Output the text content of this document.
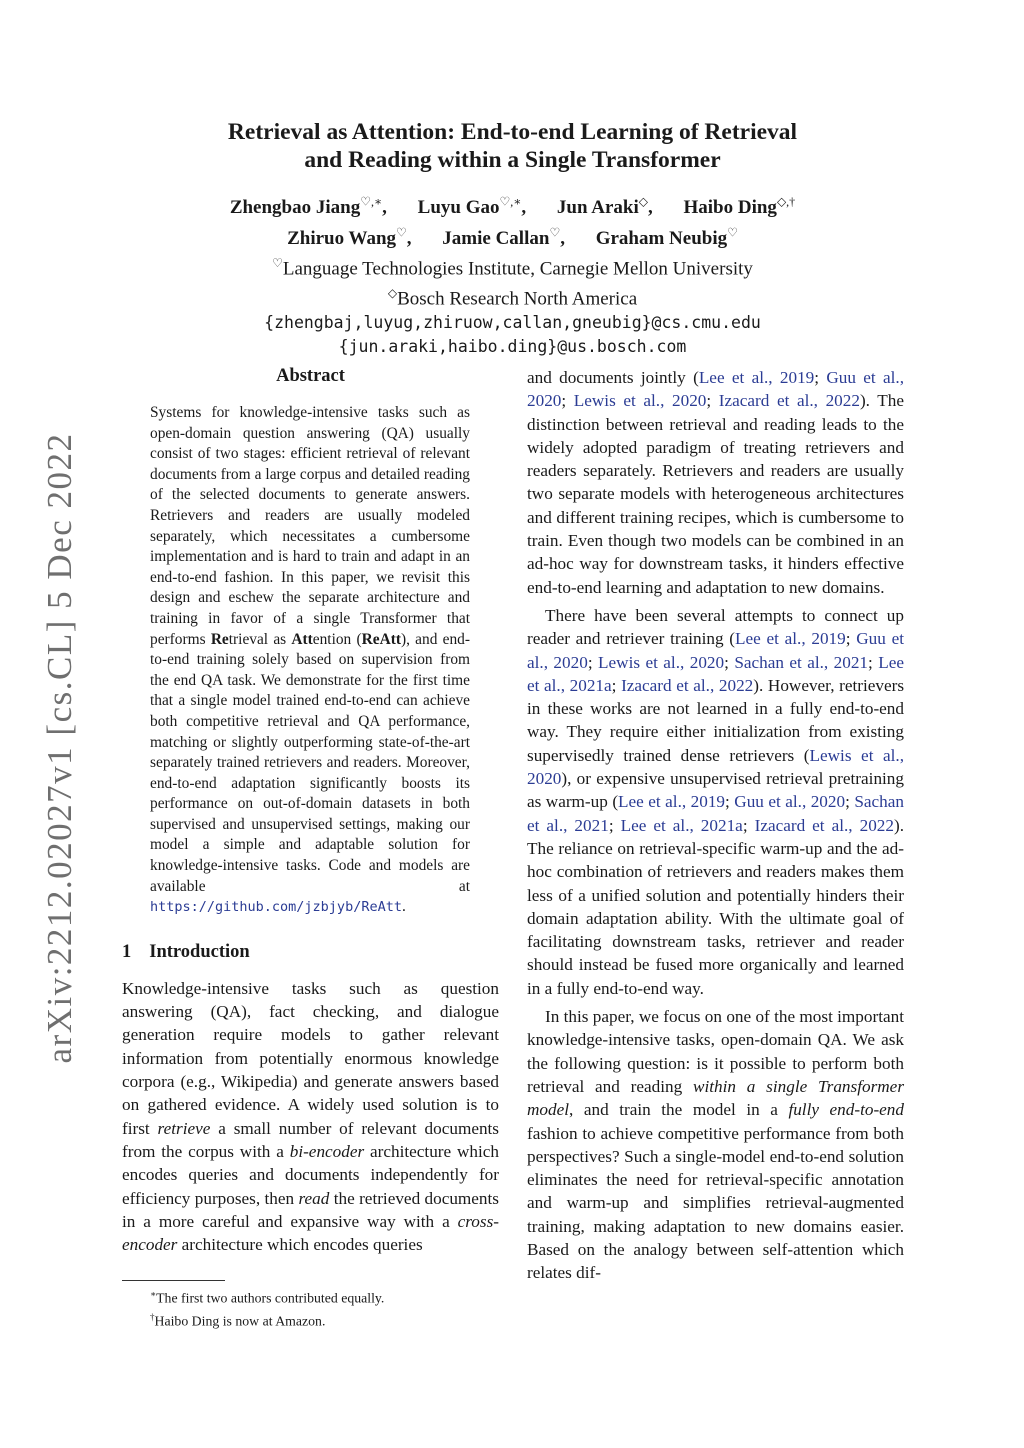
arXiv:2212.02027v1 [cs.CL] 5 Dec 2022
Retrieval as Attention: End-to-end Learning of Retrieval
and Reading within a Single Transformer
Zhengbao Jiang♡,∗, Luyu Gao♡,∗, Jun Araki◇, Haibo Ding◇,†
Zhiruo Wang♡, Jamie Callan♡, Graham Neubig♡
♡Language Technologies Institute, Carnegie Mellon University
◇Bosch Research North America
{zhengbaj,luyug,zhiruow,callan,gneubig}@cs.cmu.edu
{jun.araki,haibo.ding}@us.bosch.com
Abstract

Systems for knowledge-intensive tasks such as open-domain question answering (QA) usually consist of two stages: efficient retrieval of relevant documents from a large corpus and detailed reading of the selected documents to generate answers. Retrievers and readers are usually modeled separately, which necessitates a cumbersome implementation and is hard to train and adapt in an end-to-end fashion. In this paper, we revisit this design and eschew the separate architecture and training in favor of a single Transformer that performs Retrieval as Attention (ReAtt), and end-to-end training solely based on supervision from the end QA task. We demonstrate for the first time that a single model trained end-to-end can achieve both competitive retrieval and QA performance, matching or slightly outperforming state-of-the-art separately trained retrievers and readers. Moreover, end-to-end adaptation significantly boosts its performance on out-of-domain datasets in both supervised and unsupervised settings, making our model a simple and adaptable solution for knowledge-intensive tasks. Code and models are available at https://github.com/jzbjyb/ReAtt.

1 Introduction

Knowledge-intensive tasks such as question answering (QA), fact checking, and dialogue generation require models to gather relevant information from potentially enormous knowledge corpora (e.g., Wikipedia) and generate answers based on gathered evidence. A widely used solution is to first retrieve a small number of relevant documents from the corpus with a bi-encoder architecture which encodes queries and documents independently for efficiency purposes, then read the retrieved documents in a more careful and expansive way with a cross-encoder architecture which encodes queries

∗The first two authors contributed equally.

†Haibo Ding is now at Amazon.

and documents jointly (Lee et al., 2019; Guu et al., 2020; Lewis et al., 2020; Izacard et al., 2022). The distinction between retrieval and reading leads to the widely adopted paradigm of treating retrievers and readers separately. Retrievers and readers are usually two separate models with heterogeneous architectures and different training recipes, which is cumbersome to train. Even though two models can be combined in an ad-hoc way for downstream tasks, it hinders effective end-to-end learning and adaptation to new domains.

There have been several attempts to connect up reader and retriever training (Lee et al., 2019; Guu et al., 2020; Lewis et al., 2020; Sachan et al., 2021; Lee et al., 2021a; Izacard et al., 2022). However, retrievers in these works are not learned in a fully end-to-end way. They require either initialization from existing supervisedly trained dense retrievers (Lewis et al., 2020), or expensive unsupervised retrieval pretraining as warm-up (Lee et al., 2019; Guu et al., 2020; Sachan et al., 2021; Lee et al., 2021a; Izacard et al., 2022). The reliance on retrieval-specific warm-up and the ad-hoc combination of retrievers and readers makes them less of a unified solution and potentially hinders their domain adaptation ability. With the ultimate goal of facilitating downstream tasks, retriever and reader should instead be fused more organically and learned in a fully end-to-end way.

In this paper, we focus on one of the most important knowledge-intensive tasks, open-domain QA. We ask the following question: is it possible to perform both retrieval and reading within a single Transformer model, and train the model in a fully end-to-end fashion to achieve competitive performance from both perspectives? Such a single-model end-to-end solution eliminates the need for retrieval-specific annotation and warm-up and simplifies retrieval-augmented training, making adaptation to new domains easier. Based on the analogy between self-attention which relates dif-
